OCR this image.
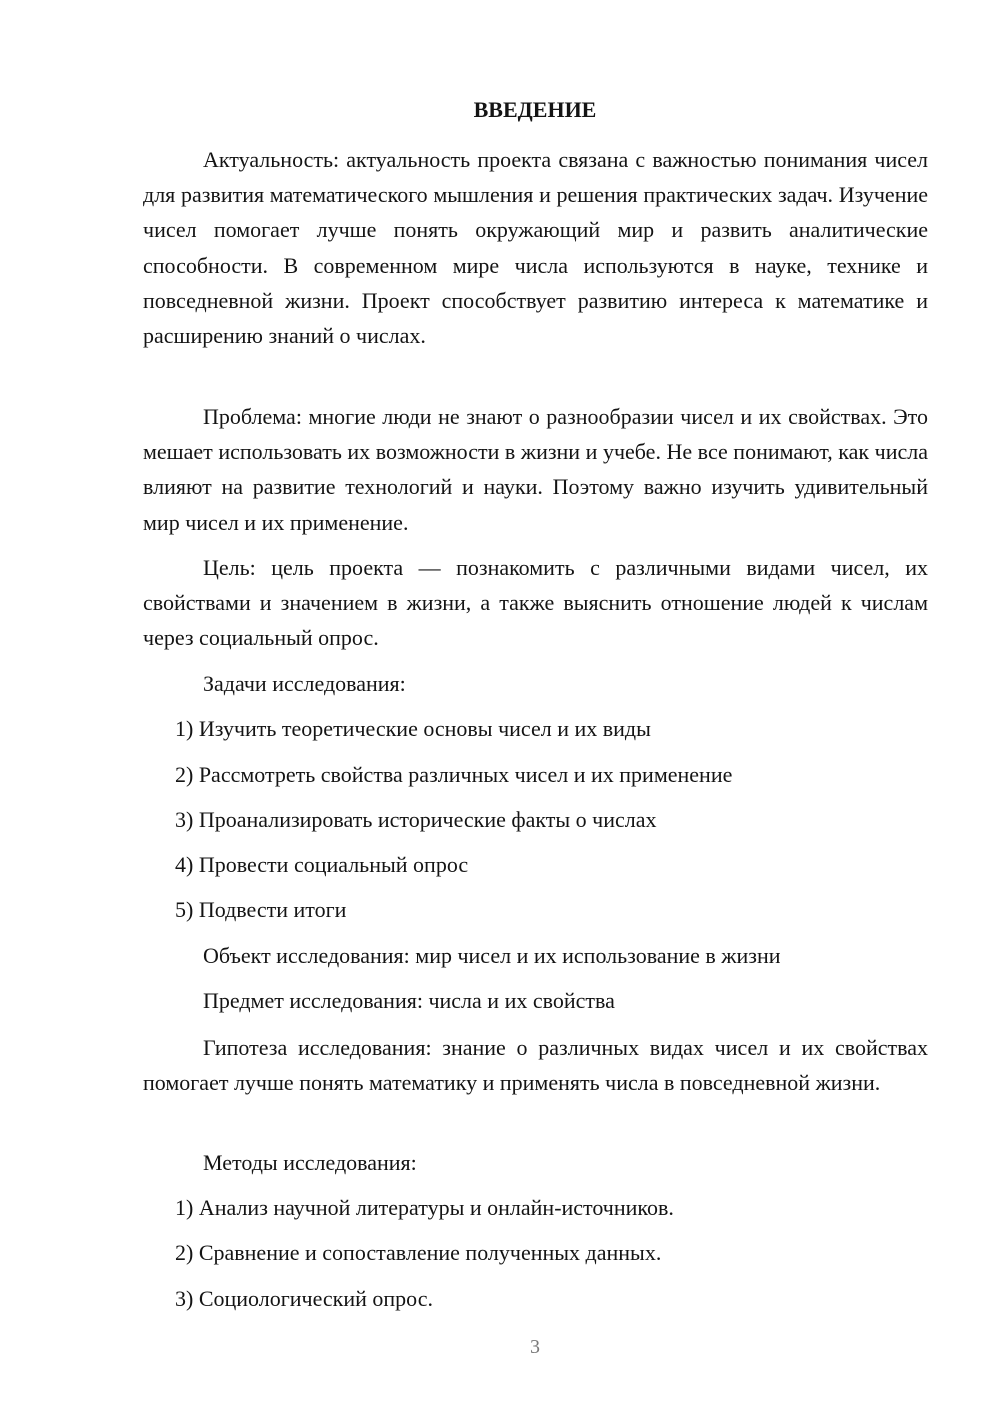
ВВЕДЕНИЕ

Актуальность: актуальность проекта связана с важностью понимания чисел для развития математического мышления и решения практических задач. Изучение чисел помогает лучше понять окружающий мир и развить аналитические способности. В современном мире числа используются в науке, технике и повседневной жизни. Проект способствует развитию интереса к математике и расширению знаний о числах.

Проблема: многие люди не знают о разнообразии чисел и их свойствах. Это мешает использовать их возможности в жизни и учебе. Не все понимают, как числа влияют на развитие технологий и науки. Поэтому важно изучить удивительный мир чисел и их применение.

Цель: цель проекта — познакомить с различными видами чисел, их свойствами и значением в жизни, а также выяснить отношение людей к числам через социальный опрос.

Задачи исследования:

1) Изучить теоретические основы чисел и их виды

2) Рассмотреть свойства различных чисел и их применение

3) Проанализировать исторические факты о числах

4) Провести социальный опрос

5) Подвести итоги

Объект исследования: мир чисел и их использование в жизни

Предмет исследования: числа и их свойства

Гипотеза исследования: знание о различных видах чисел и их свойствах помогает лучше понять математику и применять числа в повседневной жизни.

Методы исследования:

1) Анализ научной литературы и онлайн-источников.

2) Сравнение и сопоставление полученных данных.

3) Социологический опрос.

3
